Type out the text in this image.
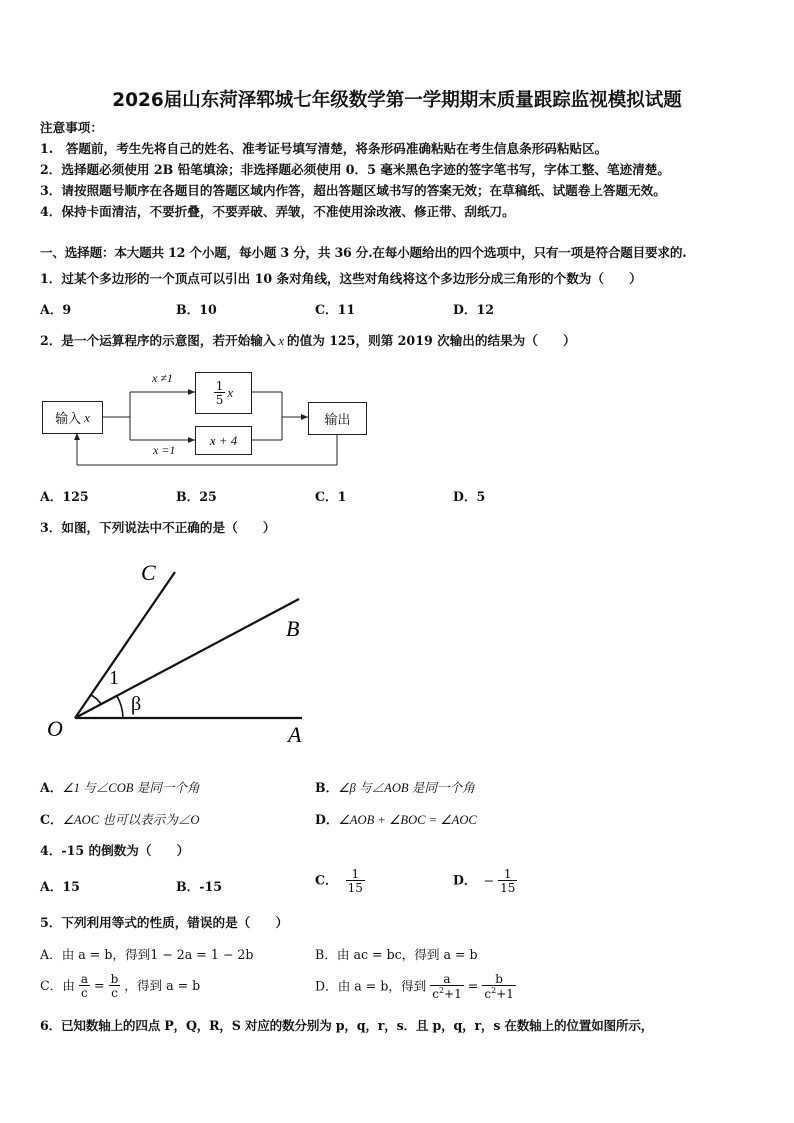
2026届山东菏泽郓城七年级数学第一学期期末质量跟踪监视模拟试题
注意事项：
1.　答题前，考生先将自己的姓名、准考证号填写清楚，将条形码准确粘贴在考生信息条形码粘贴区。
2．选择题必须使用 2B 铅笔填涂；非选择题必须使用 0．5 毫米黑色字迹的签字笔书写，字体工整、笔迹清楚。
3．请按照题号顺序在各题目的答题区域内作答，超出答题区域书写的答案无效；在草稿纸、试题卷上答题无效。
4．保持卡面清洁，不要折叠，不要弄破、弄皱，不准使用涂改液、修正带、刮纸刀。
一、选择题：本大题共 12 个小题，每小题 3 分，共 36 分.在每小题给出的四个选项中，只有一项是符合题目要求的.
1．过某个多边形的一个顶点可以引出 10 条对角线，这些对角线将这个多边形分成三角形的个数为（　　）
A．9	B．10	C．11	D．12
2．是一个运算程序的示意图，若开始输入 x 的值为 125，则第 2019 次输出的结果为（　　）
输入 x
$\frac{1}{5}$ x
x + 4
输出
x ≠1
x =1
A．125	B．25	C．1	D．5
3．如图，下列说法中不正确的是（　　）
O	A
B
C
1
β
A．∠1 与∠COB 是同一个角	B．∠β 与∠AOB 是同一个角
C．∠AOC 也可以表示为∠O	D．∠AOB + ∠BOC = ∠AOC
4．-15 的倒数为（　　）
A．15	B．-15	C． $\frac{1}{15}$	D． − $\frac{1}{15}$
5．下列利用等式的性质，错误的是（　　）
A．由 a = b，得到1 − 2a = 1 − 2b	B．由 ac = bc，得到 a = b
C．由 $\frac{a}{c} = \frac{b}{c}$ ，得到 a = b	D．由 a = b，得到 $\frac{a}{c^2+1} = \frac{b}{c^2+1}$
6．已知数轴上的四点 P，Q，R，S 对应的数分别为 p，q，r，s．且 p，q，r，s 在数轴上的位置如图所示，
